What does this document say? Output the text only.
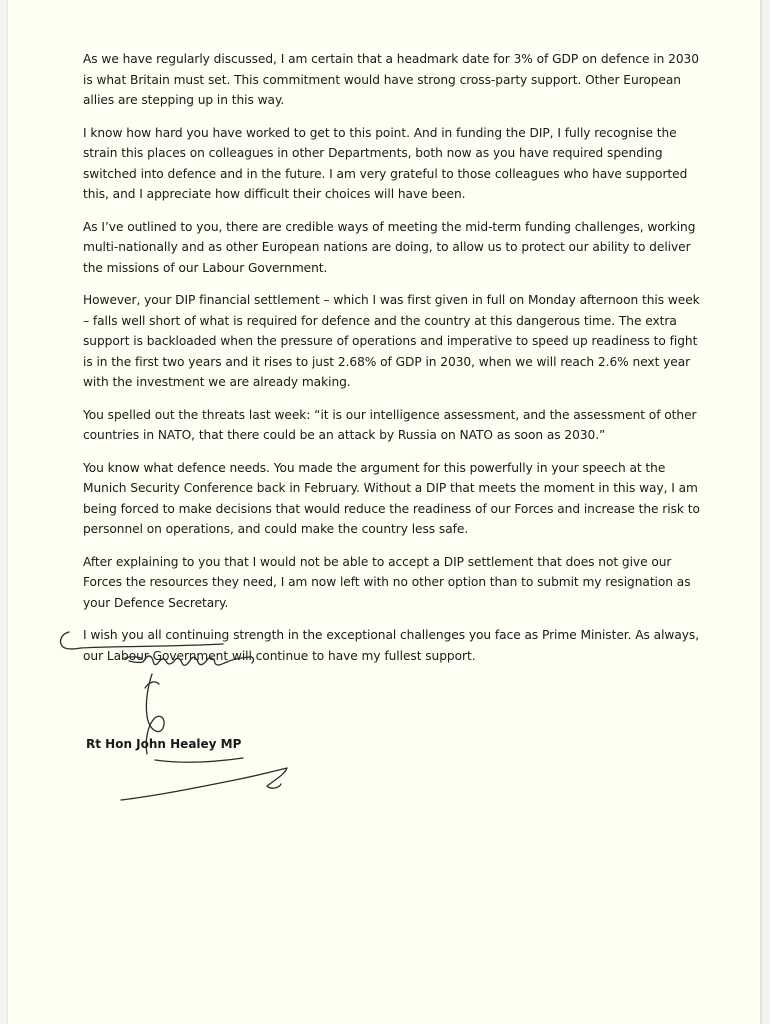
As we have regularly discussed, I am certain that a headmark date for 3% of GDP on defence in 2030 is what Britain must set. This commitment would have strong cross-party support. Other European allies are stepping up in this way.

I know how hard you have worked to get to this point. And in funding the DIP, I fully recognise the strain this places on colleagues in other Departments, both now as you have required spending switched into defence and in the future. I am very grateful to those colleagues who have supported this, and I appreciate how difficult their choices will have been.

As I’ve outlined to you, there are credible ways of meeting the mid-term funding challenges, working multi-nationally and as other European nations are doing, to allow us to protect our ability to deliver the missions of our Labour Government.

However, your DIP financial settlement – which I was first given in full on Monday afternoon this week – falls well short of what is required for defence and the country at this dangerous time. The extra support is backloaded when the pressure of operations and imperative to speed up readiness to fight is in the first two years and it rises to just 2.68% of GDP in 2030, when we will reach 2.6% next year with the investment we are already making.

You spelled out the threats last week: “it is our intelligence assessment, and the assessment of other countries in NATO, that there could be an attack by Russia on NATO as soon as 2030.”

You know what defence needs. You made the argument for this powerfully in your speech at the Munich Security Conference back in February. Without a DIP that meets the moment in this way, I am being forced to make decisions that would reduce the readiness of our Forces and increase the risk to personnel on operations, and could make the country less safe.

After explaining to you that I would not be able to accept a DIP settlement that does not give our Forces the resources they need, I am now left with no other option than to submit my resignation as your Defence Secretary.

I wish you all continuing strength in the exceptional challenges you face as Prime Minister. As always, our Labour Government will continue to have my fullest support.

Rt Hon John Healey MP
